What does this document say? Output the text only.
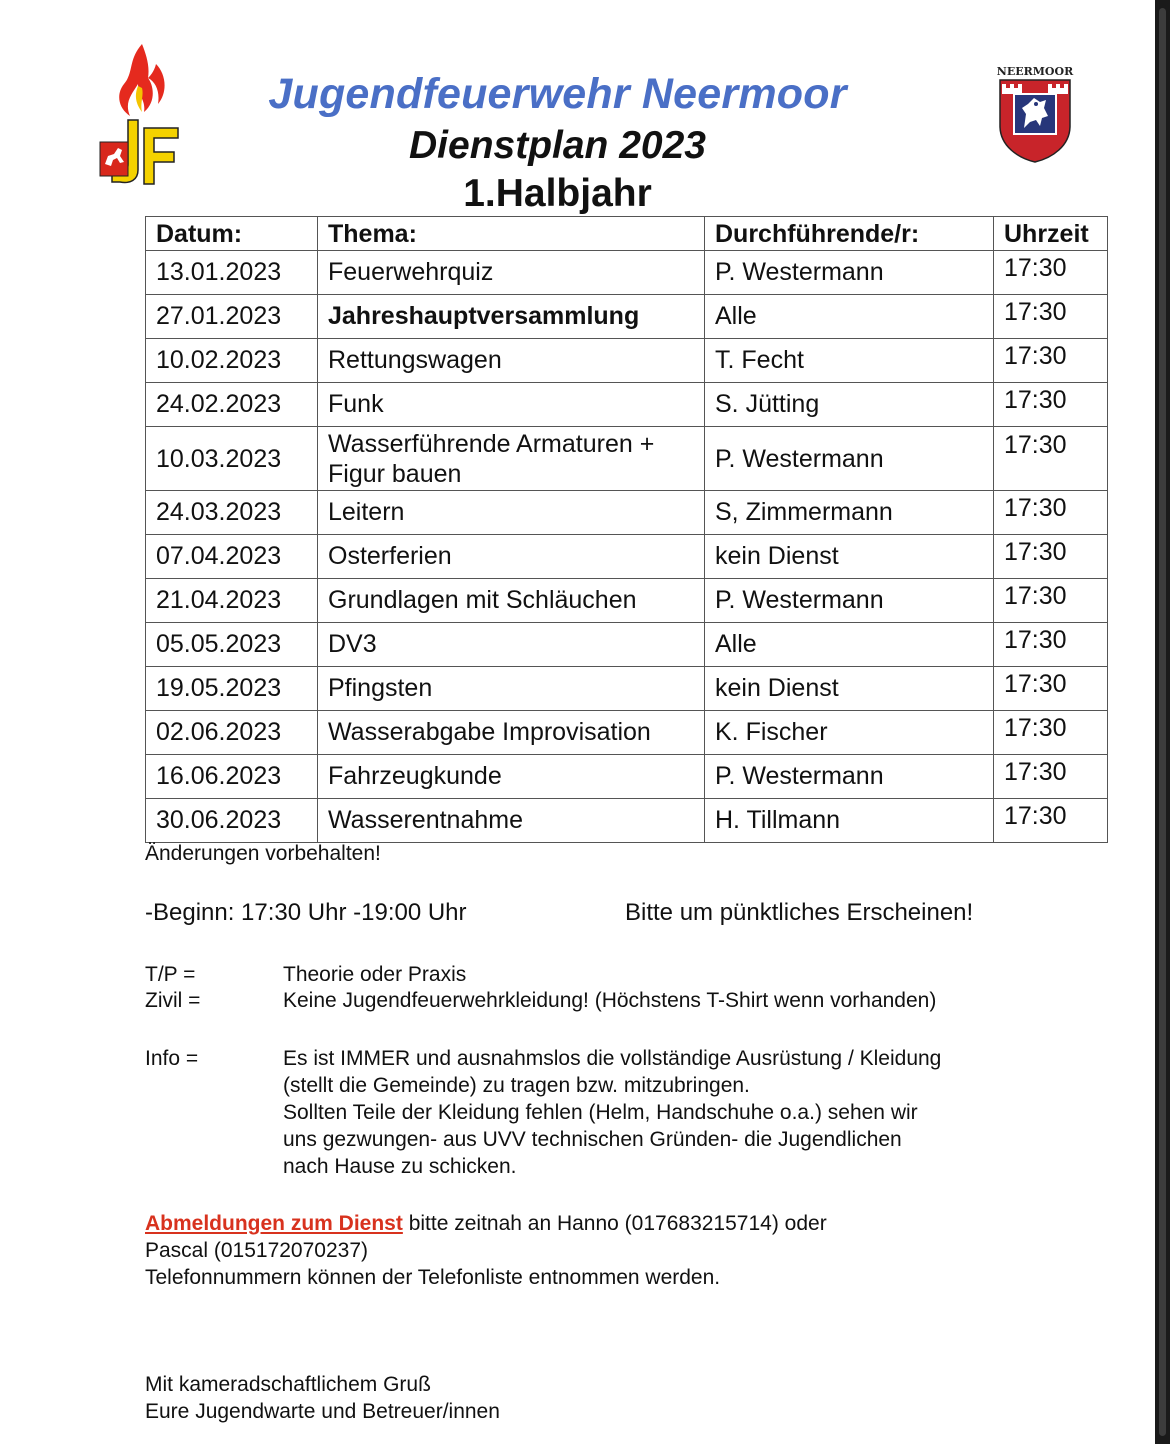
NEERMOOR
Jugendfeuerwehr Neermoor
Dienstplan 2023
1.Halbjahr
Datum:	Thema:	Durchführende/r:	Uhrzeit
13.01.2023	Feuerwehrquiz	P. Westermann	17:30
27.01.2023	Jahreshauptversammlung	Alle	17:30
10.02.2023	Rettungswagen	T. Fecht	17:30
24.02.2023	Funk	S. Jütting	17:30
10.03.2023	Wasserführende Armaturen + Figur bauen	P. Westermann	17:30
24.03.2023	Leitern	S, Zimmermann	17:30
07.04.2023	Osterferien	kein Dienst	17:30
21.04.2023	Grundlagen mit Schläuchen	P. Westermann	17:30
05.05.2023	DV3	Alle	17:30
19.05.2023	Pfingsten	kein Dienst	17:30
02.06.2023	Wasserabgabe Improvisation	K. Fischer	17:30
16.06.2023	Fahrzeugkunde	P. Westermann	17:30
30.06.2023	Wasserentnahme	H. Tillmann	17:30
Änderungen vorbehalten!
-Beginn: 17:30 Uhr -19:00 Uhr	Bitte um pünktliches Erscheinen!
T/P =	Theorie oder Praxis
Zivil =	Keine Jugendfeuerwehrkleidung! (Höchstens T-Shirt wenn vorhanden)
Info =	Es ist IMMER und ausnahmslos die vollständige Ausrüstung / Kleidung
(stellt die Gemeinde) zu tragen bzw. mitzubringen.
Sollten Teile der Kleidung fehlen (Helm, Handschuhe o.a.) sehen wir
uns gezwungen- aus UVV technischen Gründen- die Jugendlichen
nach Hause zu schicken.
Abmeldungen zum Dienst bitte zeitnah an Hanno (017683215714) oder
Pascal (015172070237)
Telefonnummern können der Telefonliste entnommen werden.
Mit kameradschaftlichem Gruß
Eure Jugendwarte und Betreuer/innen
